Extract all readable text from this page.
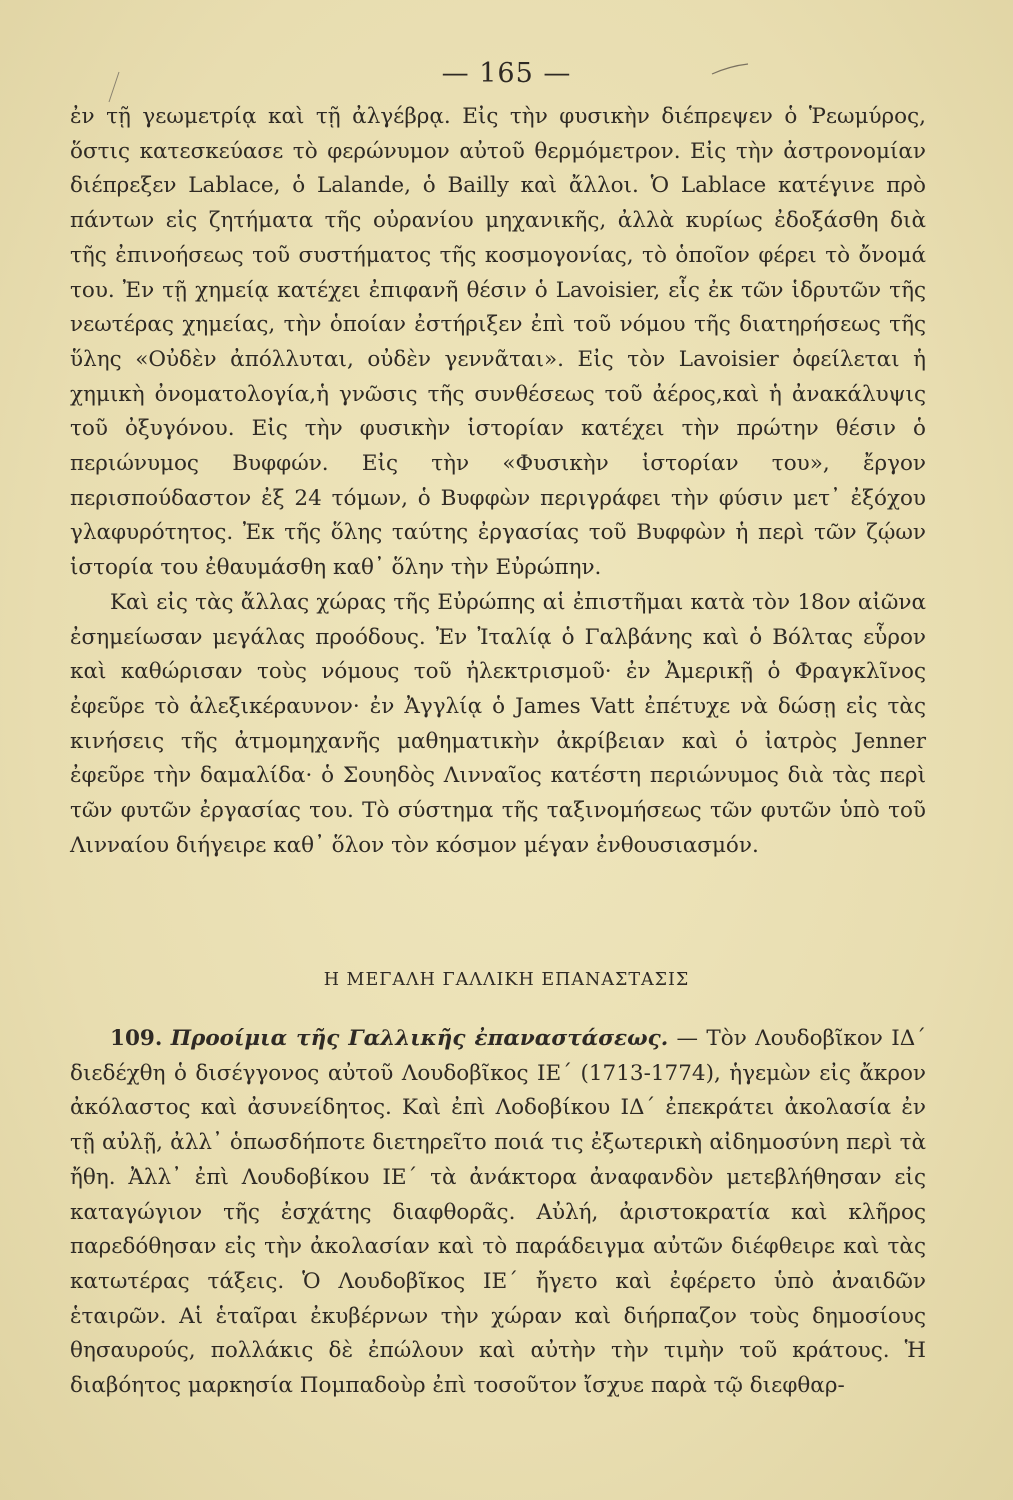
— 165 —

ἐν τῇ γεωμετρίᾳ καὶ τῇ ἀλγέβρᾳ. Εἰς τὴν φυσικὴν διέπρεψεν ὁ Ῥεωμύρος, ὅστις κατεσκεύασε τὸ φερώνυμον αὐτοῦ θερμόμετρον. Εἰς τὴν ἀστρονομίαν διέπρεξεν Lablace, ὁ Lalande, ὁ Bailly καὶ ἄλλοι. Ὁ Lablace κατέγινε πρὸ πάντων εἰς ζητήματα τῆς οὐρανίου μηχανικῆς, ἀλλὰ κυρίως ἐδοξάσθη διὰ τῆς ἐπινοήσεως τοῦ συστήματος τῆς κοσμογονίας, τὸ ὁποῖον φέρει τὸ ὄνομά του. Ἐν τῇ χημείᾳ κατέχει ἐπιφανῆ θέσιν ὁ Lavoisier, εἷς ἐκ τῶν ἱδρυτῶν τῆς νεωτέρας χημείας, τὴν ὁποίαν ἐστήριξεν ἐπὶ τοῦ νόμου τῆς διατηρήσεως τῆς ὕλης «Οὐδὲν ἀπόλλυται, οὐδὲν γεννᾶται». Εἰς τὸν Lavoisier ὀφείλεται ἡ χημικὴ ὀνοματολογία,ἡ γνῶσις τῆς συνθέσεως τοῦ ἀέρος,καὶ ἡ ἀνακάλυψις τοῦ ὀξυγόνου. Εἰς τὴν φυσικὴν ἱστορίαν κατέχει τὴν πρώτην θέσιν ὁ περιώνυμος Βυφφών. Εἰς τὴν «Φυσικὴν ἱστορίαν του», ἔργον περισπούδαστον ἐξ 24 τόμων, ὁ Βυφφὼν περιγράφει τὴν φύσιν μετ᾽ ἐξόχου γλαφυρότητος. Ἐκ τῆς ὅλης ταύτης ἐργασίας τοῦ Βυφφὼν ἡ περὶ τῶν ζῴων ἱστορία του ἐθαυμάσθη καθ᾽ ὅλην τὴν Εὐρώπην.

Καὶ εἰς τὰς ἄλλας χώρας τῆς Εὐρώπης αἱ ἐπιστῆμαι κατὰ τὸν 18ον αἰῶνα ἐσημείωσαν μεγάλας προόδους. Ἐν Ἰταλίᾳ ὁ Γαλβάνης καὶ ὁ Βόλτας εὗρον καὶ καθώρισαν τοὺς νόμους τοῦ ἠλεκτρισμοῦ· ἐν Ἀμερικῇ ὁ Φραγκλῖνος ἐφεῦρε τὸ ἀλεξικέραυνον· ἐν Ἀγγλίᾳ ὁ James Vatt ἐπέτυχε νὰ δώσῃ εἰς τὰς κινήσεις τῆς ἀτμομηχανῆς μαθηματικὴν ἀκρίβειαν καὶ ὁ ἰατρὸς Jenner ἐφεῦρε τὴν δαμαλίδα· ὁ Σουηδὸς Λινναῖος κατέστη περιώνυμος διὰ τὰς περὶ τῶν φυτῶν ἐργασίας του. Τὸ σύστημα τῆς ταξινομήσεως τῶν φυτῶν ὑπὸ τοῦ Λινναίου διήγειρε καθ᾽ ὅλον τὸν κόσμον μέγαν ἐνθουσιασμόν.

Η ΜΕΓΑΛΗ ΓΑΛΛΙΚΗ ΕΠΑΝΑΣΤΑΣΙΣ

109. Προοίμια τῆς Γαλλικῆς ἐπαναστάσεως. — Τὸν Λουδοβῖκον ΙΔ΄ διεδέχθη ὁ δισέγγονος αὐτοῦ Λουδοβῖκος ΙΕ΄ (1713-1774), ἡγεμὼν εἰς ἄκρον ἀκόλαστος καὶ ἀσυνείδητος. Καὶ ἐπὶ Λοδοβίκου ΙΔ΄ ἐπεκράτει ἀκολασία ἐν τῇ αὐλῇ, ἀλλ᾽ ὁπωσδήποτε διετηρεῖτο ποιά τις ἐξωτερικὴ αἰδημοσύνη περὶ τὰ ἤθη. Ἀλλ᾽ ἐπὶ Λουδοβίκου ΙΕ΄ τὰ ἀνάκτορα ἀναφανδὸν μετεβλήθησαν εἰς καταγώγιον τῆς ἐσχάτης διαφθορᾶς. Αὐλή, ἀριστοκρατία καὶ κλῆρος παρεδόθησαν εἰς τὴν ἀκολασίαν καὶ τὸ παράδειγμα αὐτῶν διέφθειρε καὶ τὰς κατωτέρας τάξεις. Ὁ Λουδοβῖκος ΙΕ΄ ἤγετο καὶ ἐφέρετο ὑπὸ ἀναιδῶν ἑταιρῶν. Αἱ ἑταῖραι ἐκυβέρνων τὴν χώραν καὶ διήρπαζον τοὺς δημοσίους θησαυρούς, πολλάκις δὲ ἐπώλουν καὶ αὐτὴν τὴν τιμὴν τοῦ κράτους. Ἡ διαβόητος μαρκησία Πομπαδοὺρ ἐπὶ τοσοῦτον ἴσχυε παρὰ τῷ διεφθαρ-
